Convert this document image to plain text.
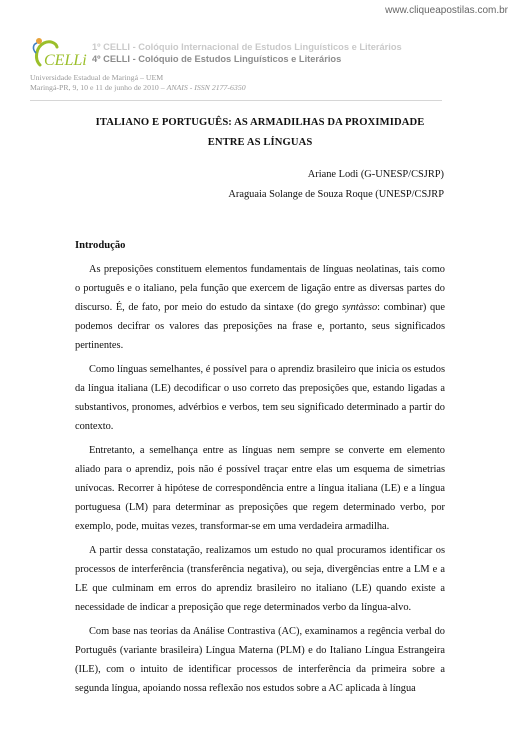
www.cliqueapostilas.com.br
CELLi
1º CELLI - Colóquio Internacional de Estudos Linguísticos e Literários
4º CELLI - Colóquio de Estudos Linguísticos e Literários
Universidade Estadual de Maringá – UEM
Maringá-PR, 9, 10 e 11 de junho de 2010 – ANAIS - ISSN 2177-6350
ITALIANO E PORTUGUÊS: AS ARMADILHAS DA PROXIMIDADE
ENTRE AS LÍNGUAS
Ariane Lodi (G-UNESP/CSJRP)
Araguaia Solange de Souza Roque (UNESP/CSJRP
Introdução

As preposições constituem elementos fundamentais de línguas neolatinas, tais como o português e o italiano, pela função que exercem de ligação entre as diversas partes do discurso. É, de fato, por meio do estudo da sintaxe (do grego syntàsso: combinar) que podemos decifrar os valores das preposições na frase e, portanto, seus significados pertinentes.

Como línguas semelhantes, é possível para o aprendiz brasileiro que inicia os estudos da língua italiana (LE) decodificar o uso correto das preposições que, estando ligadas a substantivos, pronomes, advérbios e verbos, tem seu significado determinado a partir do contexto.

Entretanto, a semelhança entre as línguas nem sempre se converte em elemento aliado para o aprendiz, pois não é possível traçar entre elas um esquema de simetrias unívocas. Recorrer à hipótese de correspondência entre a língua italiana (LE) e a língua portuguesa (LM) para determinar as preposições que regem determinado verbo, por exemplo, pode, muitas vezes, transformar-se em uma verdadeira armadilha.

A partir dessa constatação, realizamos um estudo no qual procuramos identificar os processos de interferência (transferência negativa), ou seja, divergências entre a LM e a LE que culminam em erros do aprendiz brasileiro no italiano (LE) quando existe a necessidade de indicar a preposição que rege determinados verbo da língua-alvo.

Com base nas teorias da Análise Contrastiva (AC), examinamos a regência verbal do Português (variante brasileira) Língua Materna (PLM) e do Italiano Língua Estrangeira (ILE), com o intuito de identificar processos de interferência da primeira sobre a segunda língua, apoiando nossa reflexão nos estudos sobre a AC aplicada à língua
